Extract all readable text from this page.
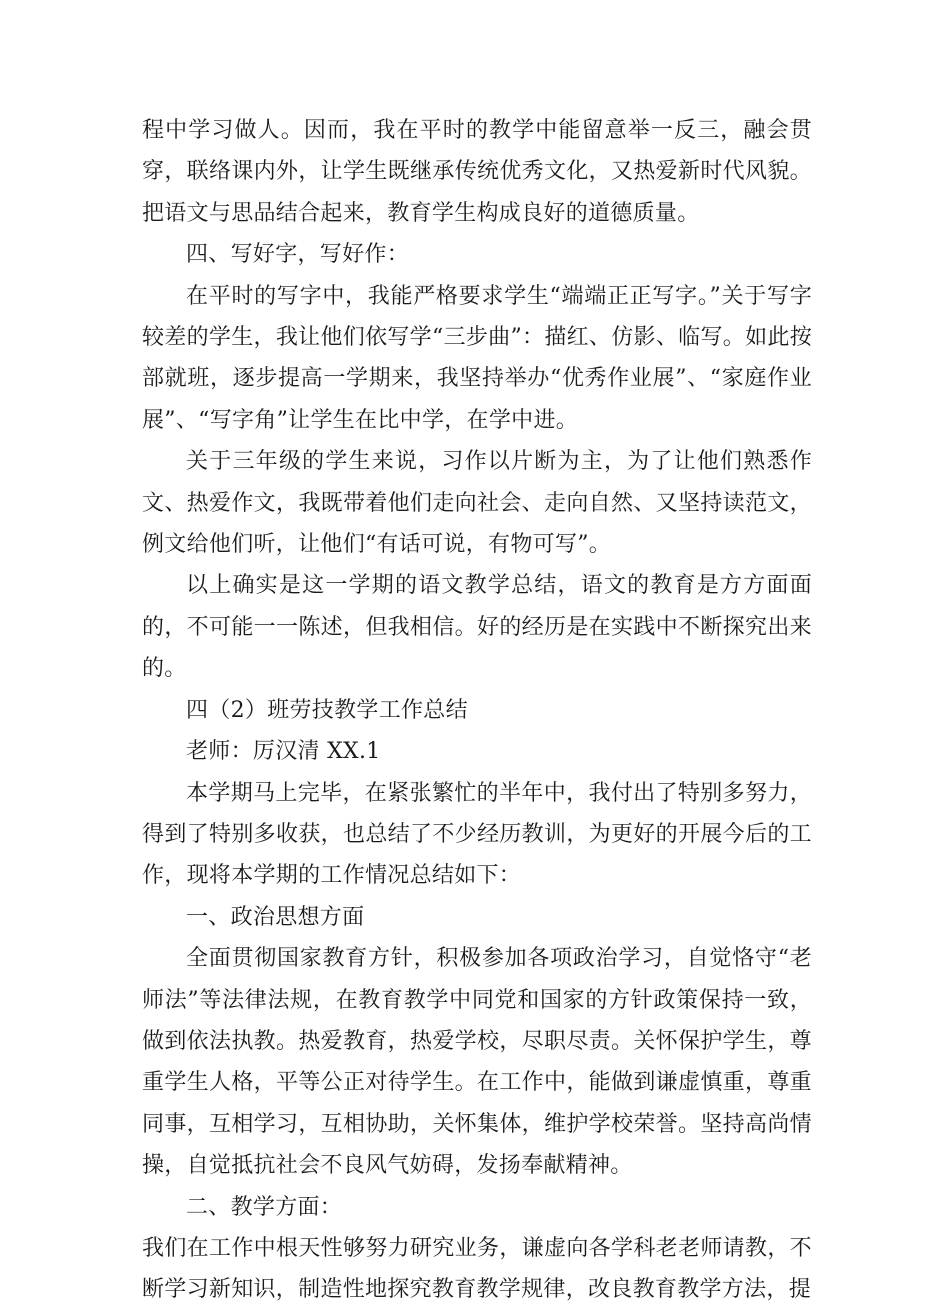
程中学习做人。因而，我在平时的教学中能留意举一反三，融会贯穿，联络课内外，让学生既继承传统优秀文化，又热爱新时代风貌。把语文与思品结合起来，教育学生构成良好的道德质量。

四、写好字，写好作：

在平时的写字中，我能严格要求学生“端端正正写字。”关于写字较差的学生，我让他们依写学“三步曲”：描红、仿影、临写。如此按部就班，逐步提高一学期来，我坚持举办“优秀作业展”、“家庭作业展”、“写字角”让学生在比中学，在学中进。

关于三年级的学生来说，习作以片断为主，为了让他们熟悉作文、热爱作文，我既带着他们走向社会、走向自然、又坚持读范文，例文给他们听，让他们“有话可说，有物可写”。

以上确实是这一学期的语文教学总结，语文的教育是方方面面的，不可能一一陈述，但我相信。好的经历是在实践中不断探究出来的。

四（2）班劳技教学工作总结

老师：厉汉清 XX.1

本学期马上完毕，在紧张繁忙的半年中，我付出了特别多努力，得到了特别多收获，也总结了不少经历教训，为更好的开展今后的工作，现将本学期的工作情况总结如下：

一、政治思想方面

全面贯彻国家教育方针，积极参加各项政治学习，自觉恪守“老师法”等法律法规，在教育教学中同党和国家的方针政策保持一致，做到依法执教。热爱教育，热爱学校，尽职尽责。关怀保护学生，尊重学生人格，平等公正对待学生。在工作中，能做到谦虚慎重，尊重同事，互相学习，互相协助，关怀集体，维护学校荣誉。坚持高尚情操，自觉抵抗社会不良风气妨碍，发扬奉献精神。

二、教学方面：

我们在工作中根天性够努力研究业务，谦虚向各学科老老师请教，不断学习新知识，制造性地探究教育教学规律，改良教育教学方法，提
